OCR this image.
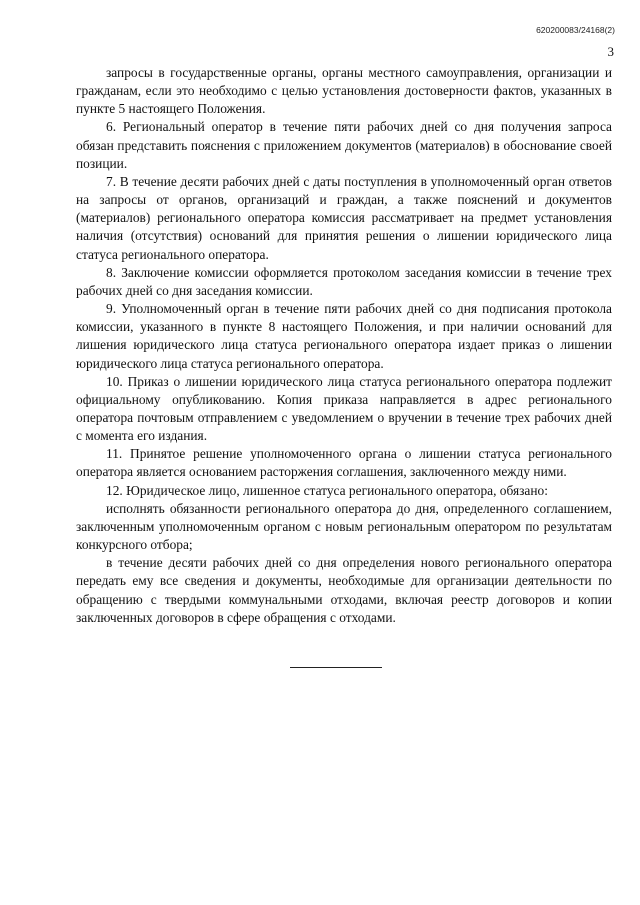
620200083/24168(2)
3

запросы в государственные органы, органы местного самоуправления, организации и гражданам, если это необходимо с целью установления достоверности фактов, указанных в пункте 5 настоящего Положения.

6. Региональный оператор в течение пяти рабочих дней со дня получения запроса обязан представить пояснения с приложением документов (материалов) в обоснование своей позиции.

7. В течение десяти рабочих дней с даты поступления в уполномоченный орган ответов на запросы от органов, организаций и граждан, а также пояснений и документов (материалов) регионального оператора комиссия рассматривает на предмет установления наличия (отсутствия) оснований для принятия решения о лишении юридического лица статуса регионального оператора.

8. Заключение комиссии оформляется протоколом заседания комиссии в течение трех рабочих дней со дня заседания комиссии.

9. Уполномоченный орган в течение пяти рабочих дней со дня подписания протокола комиссии, указанного в пункте 8 настоящего Положения, и при наличии оснований для лишения юридического лица статуса регионального оператора издает приказ о лишении юридического лица статуса регионального оператора.

10. Приказ о лишении юридического лица статуса регионального оператора подлежит официальному опубликованию. Копия приказа направляется в адрес регионального оператора почтовым отправлением с уведомлением о вручении в течение трех рабочих дней с момента его издания.

11. Принятое решение уполномоченного органа о лишении статуса регионального оператора является основанием расторжения соглашения, заключенного между ними.

12. Юридическое лицо, лишенное статуса регионального оператора, обязано:

исполнять обязанности регионального оператора до дня, определенного соглашением, заключенным уполномоченным органом с новым региональным оператором по результатам конкурсного отбора;

в течение десяти рабочих дней со дня определения нового регионального оператора передать ему все сведения и документы, необходимые для организации деятельности по обращению с твердыми коммунальными отходами, включая реестр договоров и копии заключенных договоров в сфере обращения с отходами.
